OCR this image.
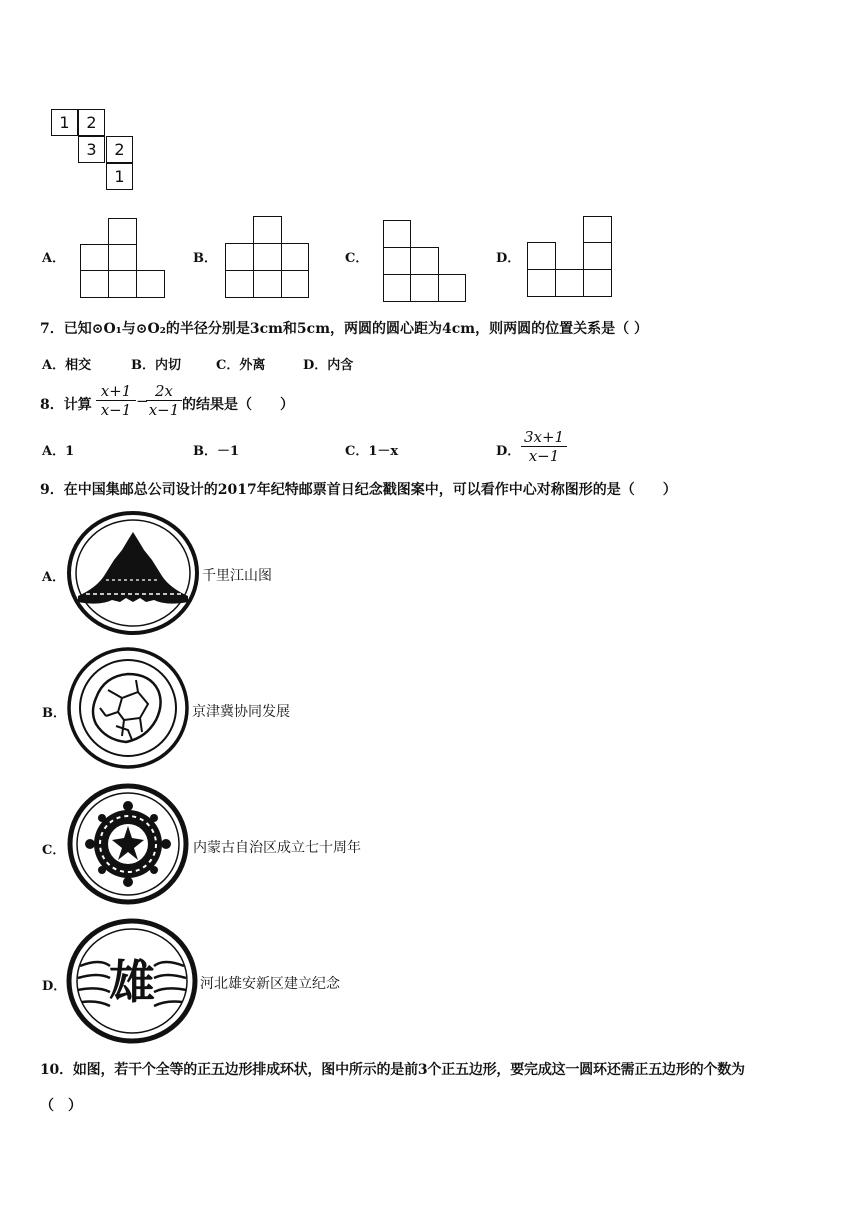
1	2
3	2
1
A．	B．	C．	D．
7．已知⊙O₁与⊙O₂的半径分别是3cm和5cm，两圆的圆心距为4cm，则两圆的位置关系是（ ）
A．相交	B．内切	C．外离	D．内含
8．计算 $\frac{x+1}{x-1}$ −
$\frac{2x}{x-1}$ 的结果是（　　）
A．1	B．－1	C．1－x	D． $\frac{3x+1}{x-1}$
9．在中国集邮总公司设计的2017年纪特邮票首日纪念戳图案中，可以看作中心对称图形的是（　　）
A．	千里江山图
B．	京津冀协同发展
C．	内蒙古自治区成立七十周年
D． 雄	河北雄安新区建立纪念
10．如图，若干个全等的正五边形排成环状，图中所示的是前3个正五边形，要完成这一圆环还需正五边形的个数为
（　）
